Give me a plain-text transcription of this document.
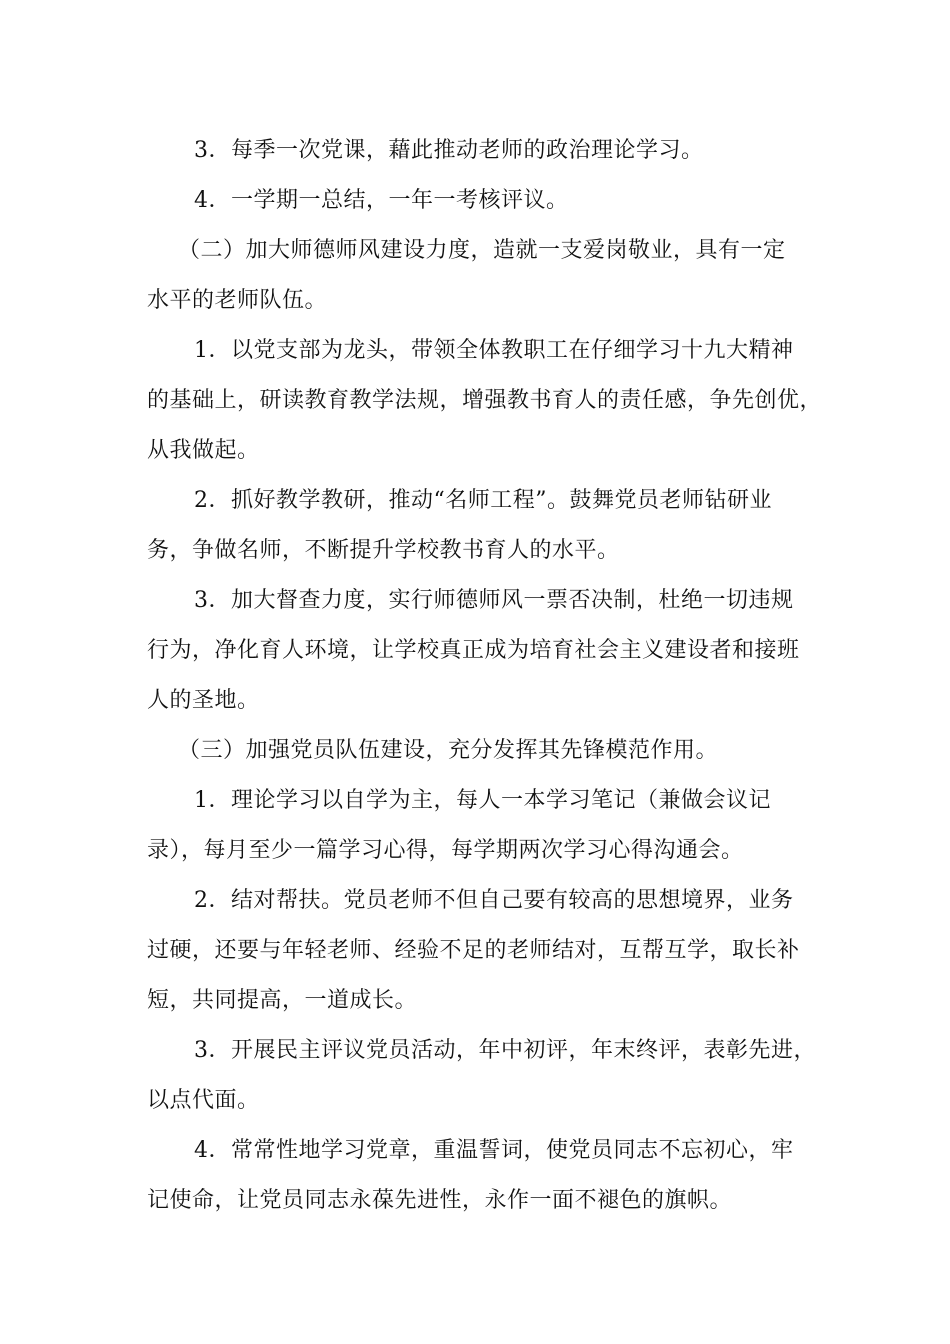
3．每季一次党课，藉此推动老师的政治理论学习。
4．一学期一总结，一年一考核评议。
（二）加大师德师风建设力度，造就一支爱岗敬业，具有一定
水平的老师队伍。
1．以党支部为龙头，带领全体教职工在仔细学习十九大精神
的基础上，研读教育教学法规，增强教书育人的责任感，争先创优，
从我做起。
2．抓好教学教研，推动“名师工程”。鼓舞党员老师钻研业
务，争做名师，不断提升学校教书育人的水平。
3．加大督查力度，实行师德师风一票否决制，杜绝一切违规
行为，净化育人环境，让学校真正成为培育社会主义建设者和接班
人的圣地。
（三）加强党员队伍建设，充分发挥其先锋模范作用。
1．理论学习以自学为主，每人一本学习笔记（兼做会议记
录），每月至少一篇学习心得，每学期两次学习心得沟通会。
2．结对帮扶。党员老师不但自己要有较高的思想境界，业务
过硬，还要与年轻老师、经验不足的老师结对，互帮互学，取长补
短，共同提高，一道成长。
3．开展民主评议党员活动，年中初评，年末终评，表彰先进，
以点代面。
4．常常性地学习党章，重温誓词，使党员同志不忘初心，牢
记使命，让党员同志永葆先进性，永作一面不褪色的旗帜。
